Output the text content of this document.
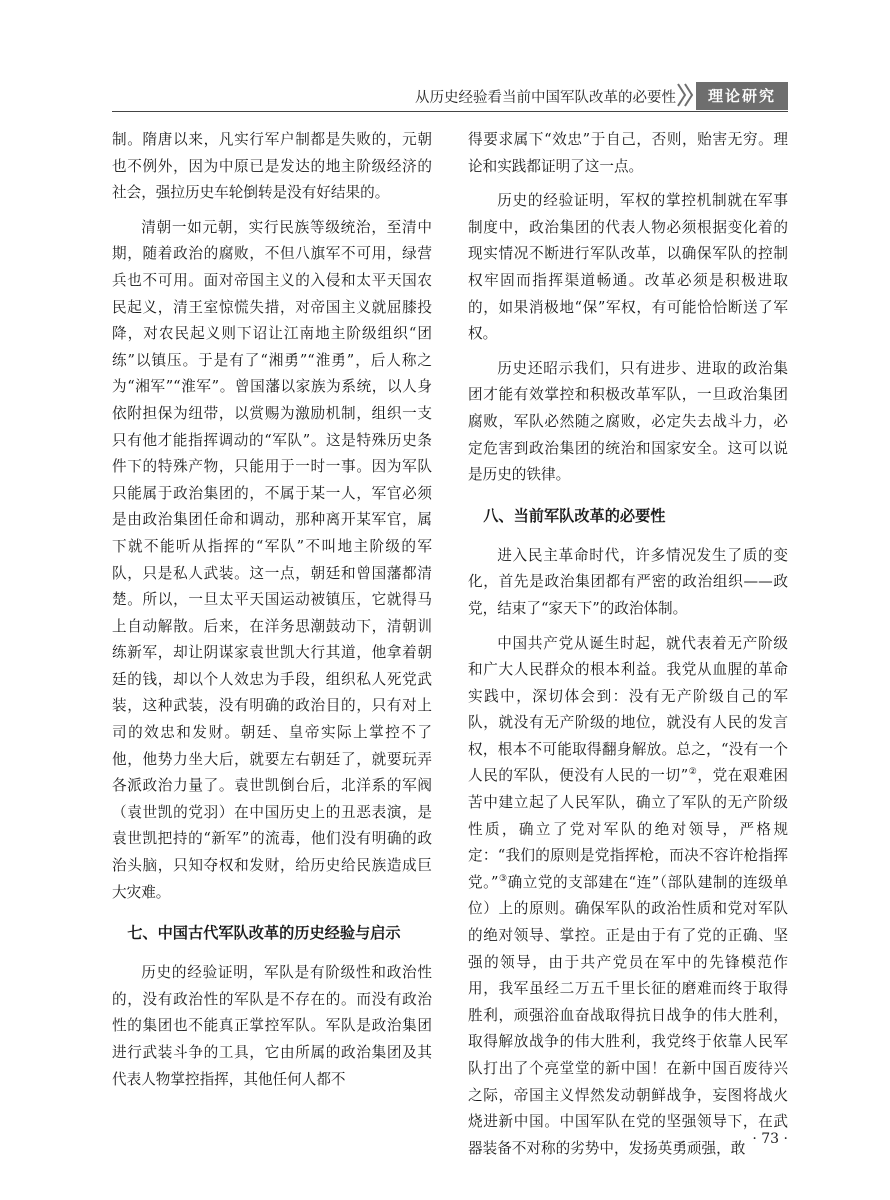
从历史经验看当前中国军队改革的必要性	理论研究

制。隋唐以来，凡实行军户制都是失败的，元朝也不例外，因为中原已是发达的地主阶级经济的社会，强拉历史车轮倒转是没有好结果的。

清朝一如元朝，实行民族等级统治，至清中期，随着政治的腐败，不但八旗军不可用，绿营兵也不可用。面对帝国主义的入侵和太平天国农民起义，清王室惊慌失措，对帝国主义就屈膝投降，对农民起义则下诏让江南地主阶级组织“团练”以镇压。于是有了“湘勇”“淮勇”，后人称之为“湘军”“淮军”。曾国藩以家族为系统，以人身依附担保为纽带，以赏赐为激励机制，组织一支只有他才能指挥调动的“军队”。这是特殊历史条件下的特殊产物，只能用于一时一事。因为军队只能属于政治集团的，不属于某一人，军官必须是由政治集团任命和调动，那种离开某军官，属下就不能听从指挥的“军队”不叫地主阶级的军队，只是私人武装。这一点，朝廷和曾国藩都清楚。所以，一旦太平天国运动被镇压，它就得马上自动解散。后来，在洋务思潮鼓动下，清朝训练新军，却让阴谋家袁世凯大行其道，他拿着朝廷的钱，却以个人效忠为手段，组织私人死党武装，这种武装，没有明确的政治目的，只有对上司的效忠和发财。朝廷、皇帝实际上掌控不了他，他势力坐大后，就要左右朝廷了，就要玩弄各派政治力量了。袁世凯倒台后，北洋系的军阀（袁世凯的党羽）在中国历史上的丑恶表演，是袁世凯把持的“新军”的流毒，他们没有明确的政治头脑，只知夺权和发财，给历史给民族造成巨大灾难。

七、中国古代军队改革的历史经验与启示

历史的经验证明，军队是有阶级性和政治性的，没有政治性的军队是不存在的。而没有政治性的集团也不能真正掌控军队。军队是政治集团进行武装斗争的工具，它由所属的政治集团及其代表人物掌控指挥，其他任何人都不

得要求属下“效忠”于自己，否则，贻害无穷。理论和实践都证明了这一点。

历史的经验证明，军权的掌控机制就在军事制度中，政治集团的代表人物必须根据变化着的现实情况不断进行军队改革，以确保军队的控制权牢固而指挥渠道畅通。改革必须是积极进取的，如果消极地“保”军权，有可能恰恰断送了军权。

历史还昭示我们，只有进步、进取的政治集团才能有效掌控和积极改革军队，一旦政治集团腐败，军队必然随之腐败，必定失去战斗力，必定危害到政治集团的统治和国家安全。这可以说是历史的铁律。

八、当前军队改革的必要性

进入民主革命时代，许多情况发生了质的变化，首先是政治集团都有严密的政治组织——政党，结束了“家天下”的政治体制。

中国共产党从诞生时起，就代表着无产阶级和广大人民群众的根本利益。我党从血腥的革命实践中，深切体会到：没有无产阶级自己的军队，就没有无产阶级的地位，就没有人民的发言权，根本不可能取得翻身解放。总之，“没有一个人民的军队，便没有人民的一切”②，党在艰难困苦中建立起了人民军队，确立了军队的无产阶级性质，确立了党对军队的绝对领导，严格规定：“我们的原则是党指挥枪，而决不容许枪指挥党。”③确立党的支部建在“连”（部队建制的连级单位）上的原则。确保军队的政治性质和党对军队的绝对领导、掌控。正是由于有了党的正确、坚强的领导，由于共产党员在军中的先锋模范作用，我军虽经二万五千里长征的磨难而终于取得胜利，顽强浴血奋战取得抗日战争的伟大胜利，取得解放战争的伟大胜利，我党终于依靠人民军队打出了个亮堂堂的新中国！在新中国百废待兴之际，帝国主义悍然发动朝鲜战争，妄图将战火烧进新中国。中国军队在党的坚强领导下，在武器装备不对称的劣势中，发扬英勇顽强，敢

· 73 ·
